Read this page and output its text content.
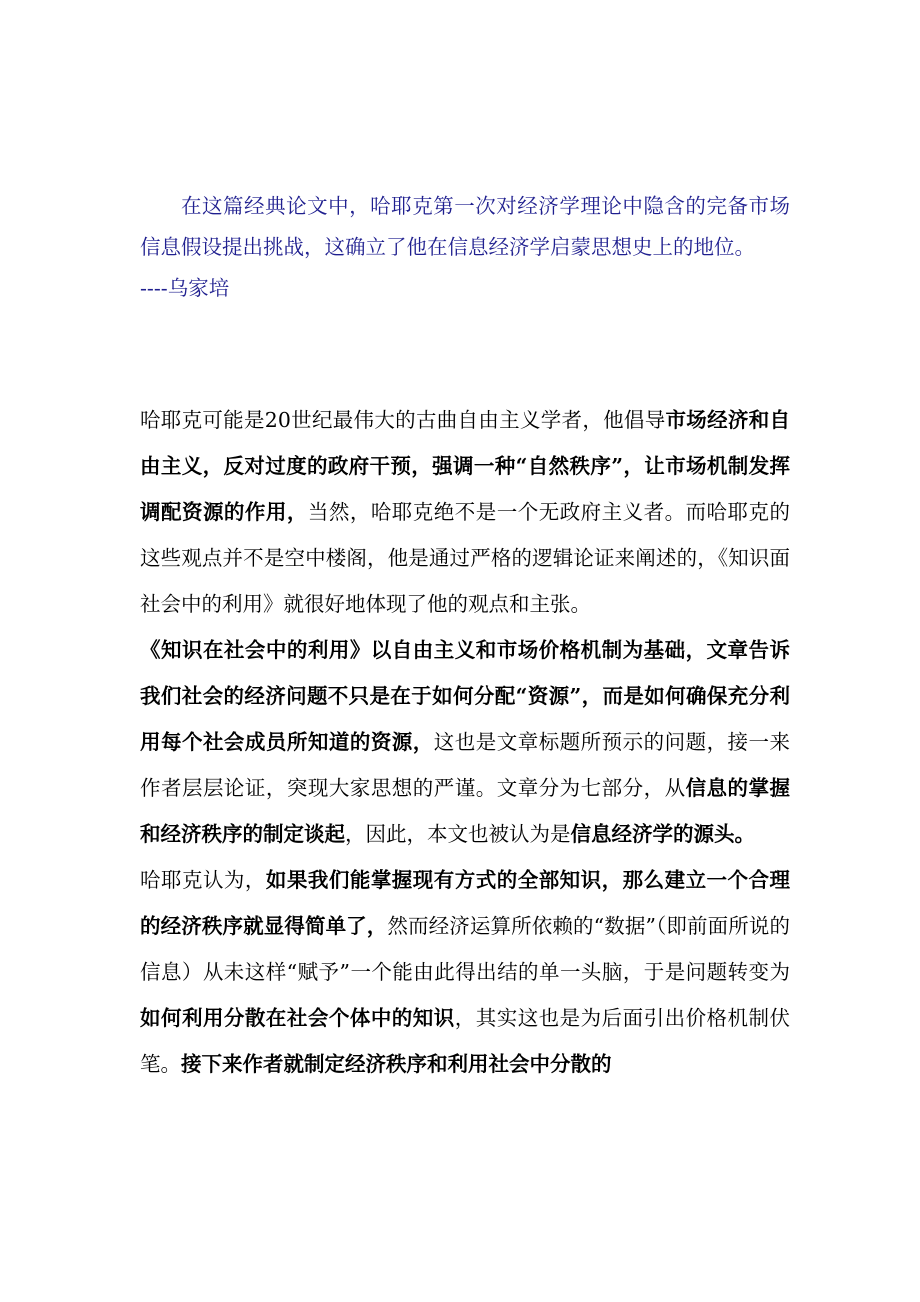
在这篇经典论文中，哈耶克第一次对经济学理论中隐含的完备市场信息假设提出挑战，这确立了他在信息经济学启蒙思想史上的地位。

----乌家培

哈耶克可能是20世纪最伟大的古曲自由主义学者，他倡导市场经济和自由主义，反对过度的政府干预，强调一种“自然秩序”，让市场机制发挥调配资源的作用，当然，哈耶克绝不是一个无政府主义者。而哈耶克的这些观点并不是空中楼阁，他是通过严格的逻辑论证来阐述的，《知识面社会中的利用》就很好地体现了他的观点和主张。

《知识在社会中的利用》以自由主义和市场价格机制为基础，文章告诉我们社会的经济问题不只是在于如何分配“资源”，而是如何确保充分利用每个社会成员所知道的资源，这也是文章标题所预示的问题，接一来作者层层论证，突现大家思想的严谨。文章分为七部分，从信息的掌握和经济秩序的制定谈起，因此，本文也被认为是信息经济学的源头。

哈耶克认为，如果我们能掌握现有方式的全部知识，那么建立一个合理的经济秩序就显得简单了，然而经济运算所依赖的“数据”（即前面所说的信息）从未这样“赋予”一个能由此得出结的单一头脑，于是问题转变为如何利用分散在社会个体中的知识，其实这也是为后面引出价格机制伏笔。接下来作者就制定经济秩序和利用社会中分散的
